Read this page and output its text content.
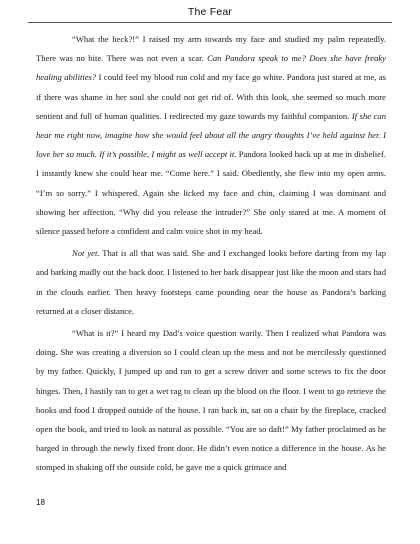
The Fear

“What the heck?!” I raised my arm towards my face and studied my palm repeatedly. There was no bite. There was not even a scar. Can Pandora speak to me? Does she have freaky healing abilities? I could feel my blood run cold and my face go white. Pandora just stared at me, as if there was shame in her soul she could not get rid of. With this look, she seemed so much more sentient and full of human qualities. I redirected my gaze towards my faithful companion. If she can hear me right now, imagine how she would feel about all the angry thoughts I’ve held against her. I love her so much. If it’s possible, I might as well accept it. Pandora looked back up at me in disbelief. I instantly knew she could hear me. “Come here.” I said. Obediently, she flew into my open arms. “I’m so sorry.” I whispered. Again she licked my face and chin, claiming I was dominant and showing her affection. “Why did you release the intruder?” She only stared at me. A moment of silence passed before a confident and calm voice shot in my head.

Not yet. That is all that was said. She and I exchanged looks before darting from my lap and barking madly out the back door. I listened to her bark disappear just like the moon and stars had in the clouds earlier. Then heavy footsteps came pounding near the house as Pandora’s barking returned at a closer distance.

“What is it?” I heard my Dad’s voice question warily. Then I realized what Pandora was doing. She was creating a diversion so I could clean up the mess and not be mercilessly questioned by my father. Quickly, I jumped up and ran to get a screw driver and some screws to fix the door hinges. Then, I hastily ran to get a wet rag to clean up the blood on the floor. I went to go retrieve the books and food I dropped outside of the house. I ran back in, sat on a chair by the fireplace, cracked open the book, and tried to look as natural as possible. “You are so daft!” My father proclaimed as he barged in through the newly fixed front door. He didn’t even notice a difference in the house. As he stomped in shaking off the outside cold, he gave me a quick grimace and

18
